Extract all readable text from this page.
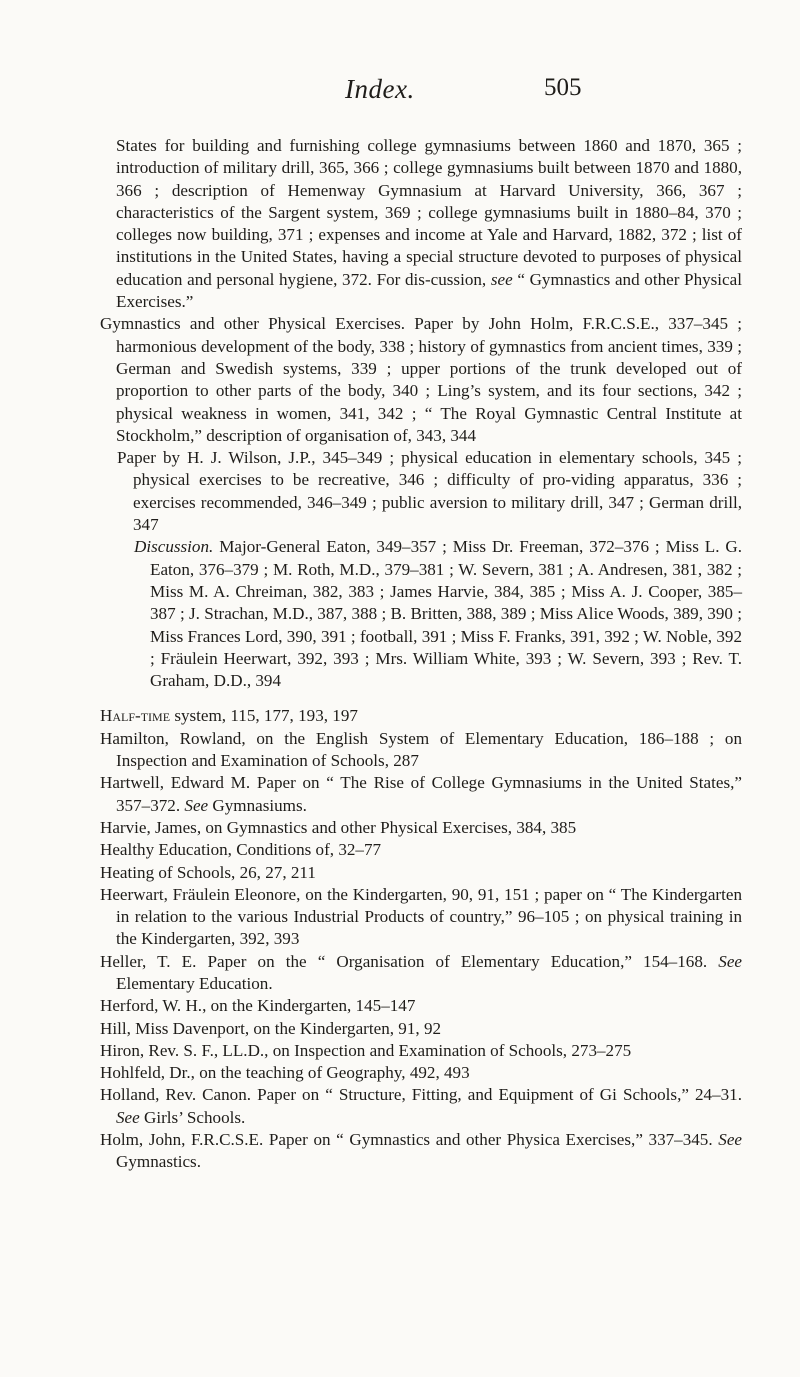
Index.	505

States for building and furnishing college gymnasiums between 1860 and 1870, 365 ; introduction of military drill, 365, 366 ; college gymnasiums built between 1870 and 1880, 366 ; description of Hemenway Gymnasium at Harvard University, 366, 367 ; characteristics of the Sargent system, 369 ; college gymnasiums built in 1880–84, 370 ; colleges now building, 371 ; expenses and income at Yale and Harvard, 1882, 372 ; list of institutions in the United States, having a special structure devoted to purposes of physical education and personal hygiene, 372. For dis-cussion, see “ Gymnastics and other Physical Exercises.”

Gymnastics and other Physical Exercises. Paper by John Holm, F.R.C.S.E., 337–345 ; harmonious development of the body, 338 ; history of gymnastics from ancient times, 339 ; German and Swedish systems, 339 ; upper portions of the trunk developed out of proportion to other parts of the body, 340 ; Ling’s system, and its four sections, 342 ; physical weakness in women, 341, 342 ; “ The Royal Gymnastic Central Institute at Stockholm,” description of organisation of, 343, 344

Paper by H. J. Wilson, J.P., 345–349 ; physical education in elementary schools, 345 ; physical exercises to be recreative, 346 ; difficulty of pro-viding apparatus, 336 ; exercises recommended, 346–349 ; public aversion to military drill, 347 ; German drill, 347

Discussion. Major-General Eaton, 349–357 ; Miss Dr. Freeman, 372–376 ; Miss L. G. Eaton, 376–379 ; M. Roth, M.D., 379–381 ; W. Severn, 381 ; A. Andresen, 381, 382 ; Miss M. A. Chreiman, 382, 383 ; James Harvie, 384, 385 ; Miss A. J. Cooper, 385–387 ; J. Strachan, M.D., 387, 388 ; B. Britten, 388, 389 ; Miss Alice Woods, 389, 390 ; Miss Frances Lord, 390, 391 ; football, 391 ; Miss F. Franks, 391, 392 ; W. Noble, 392 ; Fräulein Heerwart, 392, 393 ; Mrs. William White, 393 ; W. Severn, 393 ; Rev. T. Graham, D.D., 394

Half-time system, 115, 177, 193, 197

Hamilton, Rowland, on the English System of Elementary Education, 186–188 ; on Inspection and Examination of Schools, 287

Hartwell, Edward M. Paper on “ The Rise of College Gymnasiums in the United States,” 357–372. See Gymnasiums.

Harvie, James, on Gymnastics and other Physical Exercises, 384, 385

Healthy Education, Conditions of, 32–77

Heating of Schools, 26, 27, 211

Heerwart, Fräulein Eleonore, on the Kindergarten, 90, 91, 151 ; paper on “ The Kindergarten in relation to the various Industrial Products of country,” 96–105 ; on physical training in the Kindergarten, 392, 393

Heller, T. E. Paper on the “ Organisation of Elementary Education,” 154–168. See Elementary Education.

Herford, W. H., on the Kindergarten, 145–147

Hill, Miss Davenport, on the Kindergarten, 91, 92

Hiron, Rev. S. F., LL.D., on Inspection and Examination of Schools, 273–275

Hohlfeld, Dr., on the teaching of Geography, 492, 493

Holland, Rev. Canon. Paper on “ Structure, Fitting, and Equipment of Gi Schools,” 24–31. See Girls’ Schools.

Holm, John, F.R.C.S.E. Paper on “ Gymnastics and other Physica Exercises,” 337–345. See Gymnastics.
